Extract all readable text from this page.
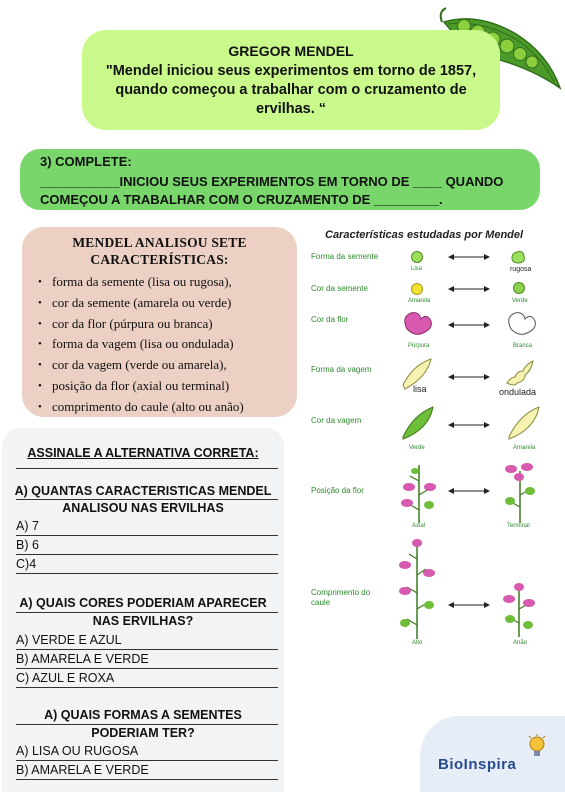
GREGOR MENDEL
"Mendel iniciou seus experimentos em torno de 1857, quando começou a trabalhar com o cruzamento de ervilhas. “
3) COMPLETE:
___________INICIOU SEUS EXPERIMENTOS EM TORNO DE ____ QUANDO
COMEÇOU A TRABALHAR COM O CRUZAMENTO DE _________.
MENDEL ANALISOU SETE
CARACTERÍSTICAS:
• forma da semente (lisa ou rugosa),
• cor da semente (amarela ou verde)
• cor da flor (púrpura ou branca)
• forma da vagem (lisa ou ondulada)
• cor da vagem (verde ou amarela),
• posição da flor (axial ou terminal)
• comprimento do caule (alto ou anão)
ASSINALE A ALTERNATIVA CORRETA:
A) QUANTAS CARACTERISTICAS MENDEL
ANALISOU NAS ERVILHAS
A) 7
B) 6
C)4
A) QUAIS CORES PODERIAM APARECER
NAS ERVILHAS?
A) VERDE E AZUL
B) AMARELA E VERDE
C) AZUL E ROXA
A) QUAIS FORMAS A SEMENTES
PODERIAM TER?
A) LISA OU RUGOSA
B) AMARELA E VERDE
Características estudadas por Mendel
Forma da semente
Lisa	rugosa
Cor da semente
Amarela	Verde
Cor da flor
Púrpura	Branca
Forma da vagem
lisa	ondulada
Cor da vagem
Verde	Amarela
Posição da flor
Axial	Terminal
Comprimento do
caule
Alto	Anão
BioInspira
